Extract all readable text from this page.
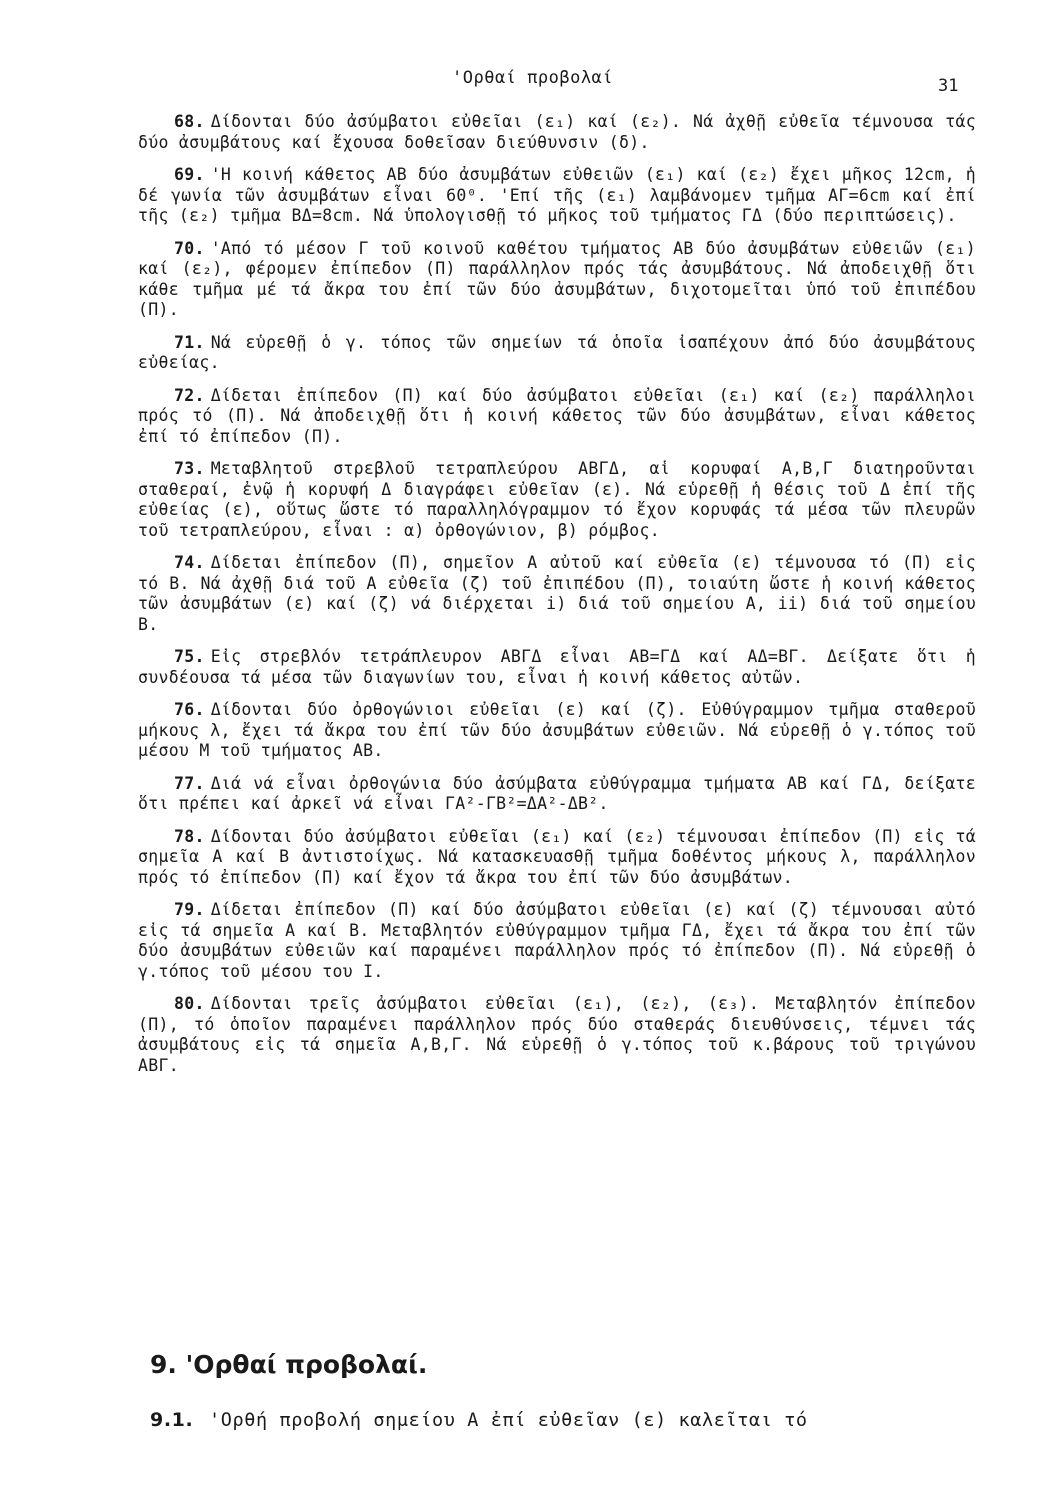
'Ορθαί προβολαί	31

68. Δίδονται δύο ἀσύμβατοι εὐθεῖαι (ε₁) καί (ε₂). Νά ἀχθῇ εὐθεῖα τέμνουσα τάς δύο ἀσυμβάτους καί ἔχουσα δοθεῖσαν διεύθυνσιν (δ).

69. 'Η κοινή κάθετος ΑΒ δύο ἀσυμβάτων εὐθειῶν (ε₁) καί (ε₂) ἔχει μῆκος 12cm, ἡ δέ γωνία τῶν ἀσυμβάτων εἶναι 60⁰. 'Επί τῆς (ε₁) λαμβάνομεν τμῆμα ΑΓ=6cm καί ἐπί τῆς (ε₂) τμῆμα ΒΔ=8cm. Νά ὑπολογισθῇ τό μῆκος τοῦ τμήματος ΓΔ (δύο περιπτώσεις).

70. 'Από τό μέσον Γ τοῦ κοινοῦ καθέτου τμήματος ΑΒ δύο ἀσυμβάτων εὐθειῶν (ε₁) καί (ε₂), φέρομεν ἐπίπεδον (Π) παράλληλον πρός τάς ἀσυμβάτους. Νά ἀποδειχθῇ ὅτι κάθε τμῆμα μέ τά ἄκρα του ἐπί τῶν δύο ἀσυμβάτων, διχοτομεῖται ὑπό τοῦ ἐπιπέδου (Π).

71. Νά εὑρεθῇ ὁ γ. τόπος τῶν σημείων τά ὁποῖα ἰσαπέχουν ἀπό δύο ἀσυμβάτους εὐθείας.

72. Δίδεται ἐπίπεδον (Π) καί δύο ἀσύμβατοι εὐθεῖαι (ε₁) καί (ε₂) παράλληλοι πρός τό (Π). Νά ἀποδειχθῇ ὅτι ἡ κοινή κάθετος τῶν δύο ἀσυμβάτων, εἶναι κάθετος ἐπί τό ἐπίπεδον (Π).

73. Μεταβλητοῦ στρεβλοῦ τετραπλεύρου ΑΒΓΔ, αἱ κορυφαί Α,Β,Γ διατηροῦνται σταθεραί, ἐνῷ ἡ κορυφή Δ διαγράφει εὐθεῖαν (ε). Νά εὑρεθῇ ἡ θέσις τοῦ Δ ἐπί τῆς εὐθείας (ε), οὕτως ὥστε τό παραλληλόγραμμον τό ἔχον κορυφάς τά μέσα τῶν πλευρῶν τοῦ τετραπλεύρου, εἶναι : α) ὀρθογώνιον, β) ρόμβος.

74. Δίδεται ἐπίπεδον (Π), σημεῖον Α αὐτοῦ καί εὐθεῖα (ε) τέμνουσα τό (Π) εἰς τό Β. Νά ἀχθῇ διά τοῦ Α εὐθεῖα (ζ) τοῦ ἐπιπέδου (Π), τοιαύτη ὥστε ἡ κοινή κάθετος τῶν ἀσυμβάτων (ε) καί (ζ) νά διέρχεται i) διά τοῦ σημείου Α, ii) διά τοῦ σημείου Β.

75. Εἰς στρεβλόν τετράπλευρον ΑΒΓΔ εἶναι ΑΒ=ΓΔ καί ΑΔ=ΒΓ. Δείξατε ὅτι ἡ συνδέουσα τά μέσα τῶν διαγωνίων του, εἶναι ἡ κοινή κάθετος αὐτῶν.

76. Δίδονται δύο ὀρθογώνιοι εὐθεῖαι (ε) καί (ζ). Εὐθύγραμμον τμῆμα σταθεροῦ μήκους λ, ἔχει τά ἄκρα του ἐπί τῶν δύο ἀσυμβάτων εὐθειῶν. Νά εὑρεθῇ ὁ γ.τόπος τοῦ μέσου Μ τοῦ τμήματος ΑΒ.

77. Διά νά εἶναι ὀρθογώνια δύο ἀσύμβατα εὐθύγραμμα τμήματα ΑΒ καί ΓΔ, δείξατε ὅτι πρέπει καί ἀρκεῖ νά εἶναι ΓΑ²-ΓΒ²=ΔΑ²-ΔΒ².

78. Δίδονται δύο ἀσύμβατοι εὐθεῖαι (ε₁) καί (ε₂) τέμνουσαι ἐπίπεδον (Π) εἰς τά σημεῖα Α καί Β ἀντιστοίχως. Νά κατασκευασθῇ τμῆμα δοθέντος μήκους λ, παράλληλον πρός τό ἐπίπεδον (Π) καί ἔχον τά ἄκρα του ἐπί τῶν δύο ἀσυμβάτων.

79. Δίδεται ἐπίπεδον (Π) καί δύο ἀσύμβατοι εὐθεῖαι (ε) καί (ζ) τέμνουσαι αὐτό εἰς τά σημεῖα Α καί Β. Μεταβλητόν εὐθύγραμμον τμῆμα ΓΔ, ἔχει τά ἄκρα του ἐπί τῶν δύο ἀσυμβάτων εὐθειῶν καί παραμένει παράλληλον πρός τό ἐπίπεδον (Π). Νά εὑρεθῇ ὁ γ.τόπος τοῦ μέσου του Ι.

80. Δίδονται τρεῖς ἀσύμβατοι εὐθεῖαι (ε₁), (ε₂), (ε₃). Μεταβλητόν ἐπίπεδον (Π), τό ὁποῖον παραμένει παράλληλον πρός δύο σταθεράς διευθύνσεις, τέμνει τάς ἀσυμβάτους εἰς τά σημεῖα Α,Β,Γ. Νά εὑρεθῇ ὁ γ.τόπος τοῦ κ.βάρους τοῦ τριγώνου ΑΒΓ.

9. 'Ορθαί προβολαί.
9.1. 'Ορθή προβολή σημείου Α ἐπί εὐθεῖαν (ε) καλεῖται τό
